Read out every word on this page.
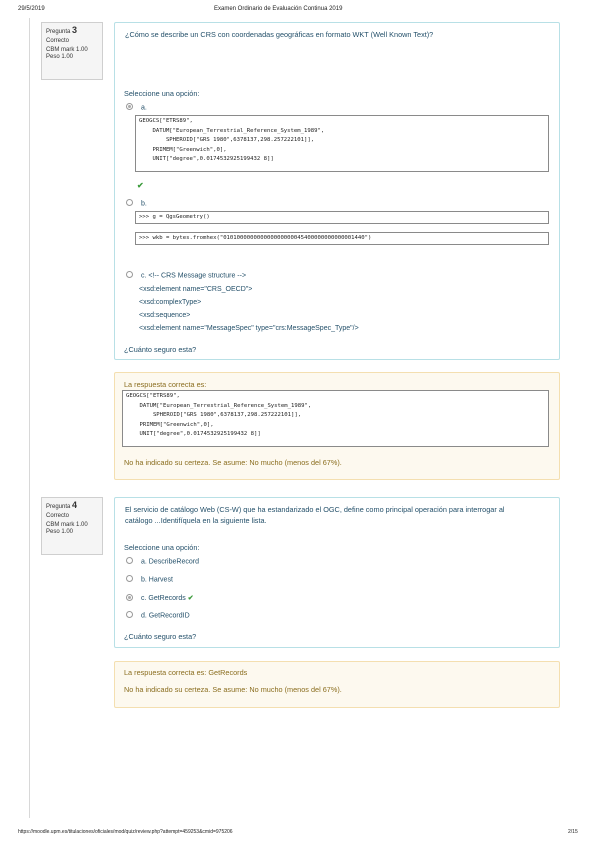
29/5/2019	Examen Ordinario de Evaluación Continua 2019
Pregunta 3
Correcto
CBM mark 1.00
Peso 1.00
¿Cómo se describe un CRS con coordenadas geográficas en formato WKT (Well Known Text)?
Seleccione una opción:
a.
GEOGCS["ETRS89",
DATUM["European_Terrestrial_Reference_System_1989",
SPHEROID["GRS 1980",6378137,298.257222101]],
PRIMEM["Greenwich",0],
UNIT["degree",0.0174532925199432 8]]
✔
b.
>>> g = QgsGeometry()
>>> wkb = bytes.fromhex("010100000000000000000045400000000000001440")
c. <!-- CRS Message structure -->
<xsd:element name="CRS_OECD">
<xsd:complexType>
<xsd:sequence>
<xsd:element name="MessageSpec" type="crs:MessageSpec_Type"/>
¿Cuánto seguro esta?
La respuesta correcta es:
GEOGCS["ETRS89",
DATUM["European_Terrestrial_Reference_System_1989",
SPHEROID["GRS 1980",6378137,298.257222101]],
PRIMEM["Greenwich",0],
UNIT["degree",0.0174532925199432 8]]
No ha indicado su certeza. Se asume: No mucho (menos del 67%).
Pregunta 4
Correcto
CBM mark 1.00
Peso 1.00
El servicio de catálogo Web (CS-W) que ha estandarizado el OGC, define como principal operación para interrogar al catálogo ...Identifíquela en la siguiente lista.
Seleccione una opción:
a. DescribeRecord
b. Harvest
c. GetRecords ✔
d. GetRecordID
¿Cuánto seguro esta?
La respuesta correcta es: GetRecords
No ha indicado su certeza. Se asume: No mucho (menos del 67%).
https://moodle.upm.es/titulaciones/oficiales/mod/quiz/review.php?attempt=459253&cmid=975206	2/15
